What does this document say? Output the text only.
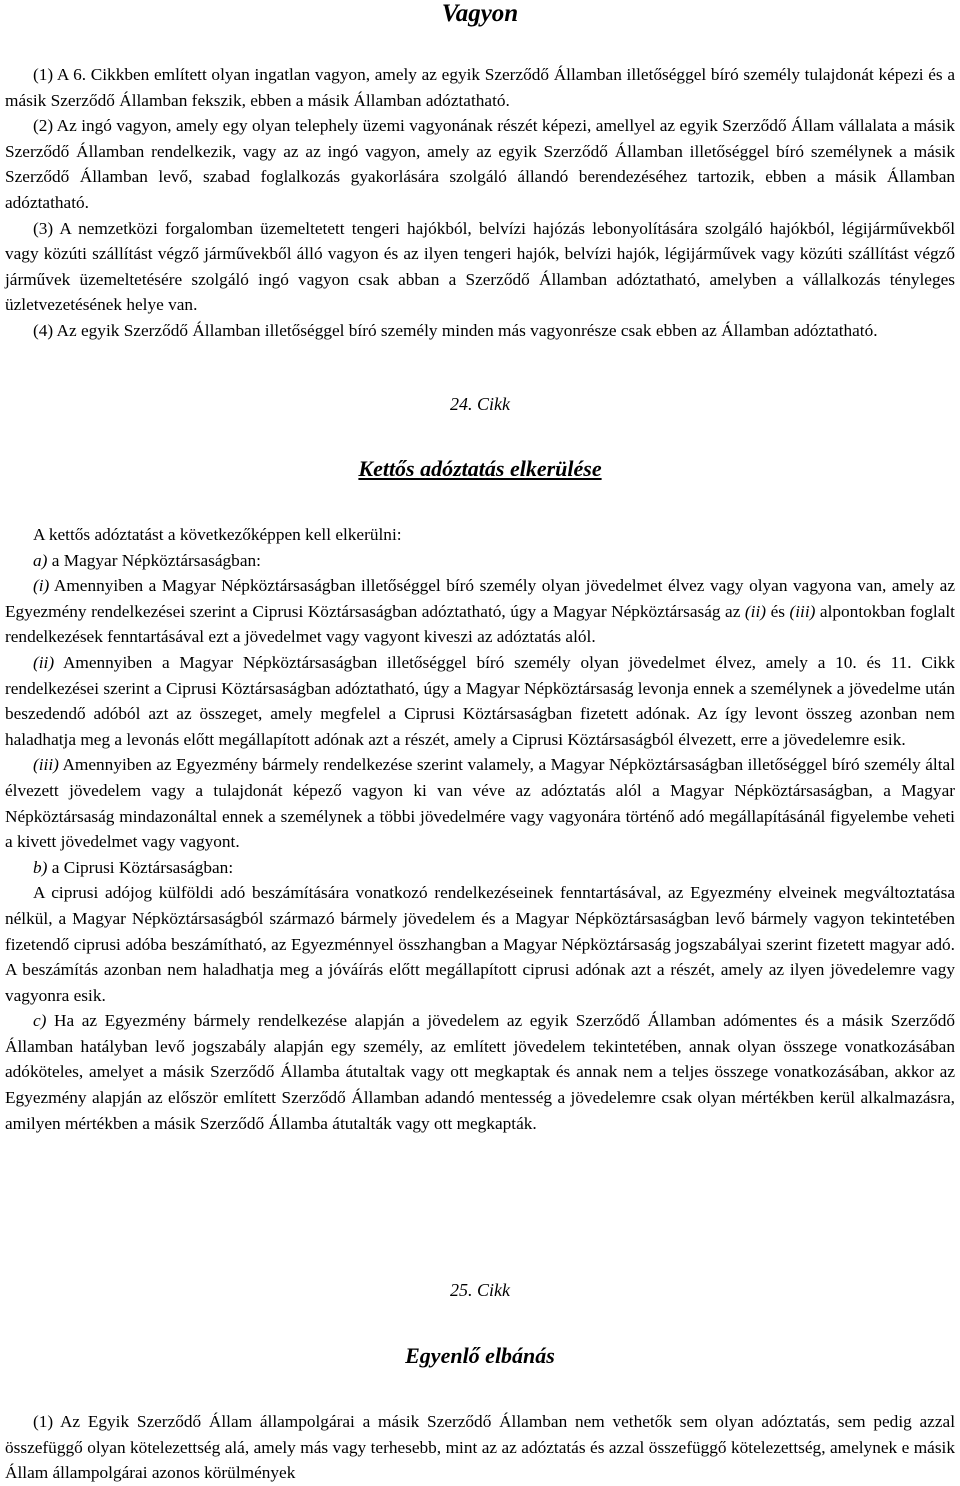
Vagyon

(1) A 6. Cikkben említett olyan ingatlan vagyon, amely az egyik Szerződő Államban illetőséggel bíró személy tulajdonát képezi és a másik Szerződő Államban fekszik, ebben a másik Államban adóztatható.

(2) Az ingó vagyon, amely egy olyan telephely üzemi vagyonának részét képezi, amellyel az egyik Szerződő Állam vállalata a másik Szerződő Államban rendelkezik, vagy az az ingó vagyon, amely az egyik Szerződő Államban illetőséggel bíró személynek a másik Szerződő Államban levő, szabad foglalkozás gyakorlására szolgáló állandó berendezéséhez tartozik, ebben a másik Államban adóztatható.

(3) A nemzetközi forgalomban üzemeltetett tengeri hajókból, belvízi hajózás lebonyolítására szolgáló hajókból, légijárművekből vagy közúti szállítást végző járművekből álló vagyon és az ilyen tengeri hajók, belvízi hajók, légijárművek vagy közúti szállítást végző járművek üzemeltetésére szolgáló ingó vagyon csak abban a Szerződő Államban adóztatható, amelyben a vállalkozás tényleges üzletvezetésének helye van.

(4) Az egyik Szerződő Államban illetőséggel bíró személy minden más vagyonrésze csak ebben az Államban adóztatható.

24. Cikk
Kettős adóztatás elkerülése

A kettős adóztatást a következőképpen kell elkerülni:

a) a Magyar Népköztársaságban:

(i) Amennyiben a Magyar Népköztársaságban illetőséggel bíró személy olyan jövedelmet élvez vagy olyan vagyona van, amely az Egyezmény rendelkezései szerint a Ciprusi Köztársaságban adóztatható, úgy a Magyar Népköztársaság az (ii) és (iii) alpontokban foglalt rendelkezések fenntartásával ezt a jövedelmet vagy vagyont kiveszi az adóztatás alól.

(ii) Amennyiben a Magyar Népköztársaságban illetőséggel bíró személy olyan jövedelmet élvez, amely a 10. és 11. Cikk rendelkezései szerint a Ciprusi Köztársaságban adóztatható, úgy a Magyar Népköztársaság levonja ennek a személynek a jövedelme után beszedendő adóból azt az összeget, amely megfelel a Ciprusi Köztársaságban fizetett adónak. Az így levont összeg azonban nem haladhatja meg a levonás előtt megállapított adónak azt a részét, amely a Ciprusi Köztársaságból élvezett, erre a jövedelemre esik.

(iii) Amennyiben az Egyezmény bármely rendelkezése szerint valamely, a Magyar Népköztársaságban illetőséggel bíró személy által élvezett jövedelem vagy a tulajdonát képező vagyon ki van véve az adóztatás alól a Magyar Népköztársaságban, a Magyar Népköztársaság mindazonáltal ennek a személynek a többi jövedelmére vagy vagyonára történő adó megállapításánál figyelembe veheti a kivett jövedelmet vagy vagyont.

b) a Ciprusi Köztársaságban:

A ciprusi adójog külföldi adó beszámítására vonatkozó rendelkezéseinek fenntartásával, az Egyezmény elveinek megváltoztatása nélkül, a Magyar Népköztársaságból származó bármely jövedelem és a Magyar Népköztársaságban levő bármely vagyon tekintetében fizetendő ciprusi adóba beszámítható, az Egyezménnyel összhangban a Magyar Népköztársaság jogszabályai szerint fizetett magyar adó. A beszámítás azonban nem haladhatja meg a jóváírás előtt megállapított ciprusi adónak azt a részét, amely az ilyen jövedelemre vagy vagyonra esik.

c) Ha az Egyezmény bármely rendelkezése alapján a jövedelem az egyik Szerződő Államban adómentes és a másik Szerződő Államban hatályban levő jogszabály alapján egy személy, az említett jövedelem tekintetében, annak olyan összege vonatkozásában adóköteles, amelyet a másik Szerződő Államba átutaltak vagy ott megkaptak és annak nem a teljes összege vonatkozásában, akkor az Egyezmény alapján az először említett Szerződő Államban adandó mentesség a jövedelemre csak olyan mértékben kerül alkalmazásra, amilyen mértékben a másik Szerződő Államba átutalták vagy ott megkapták.

25. Cikk
Egyenlő elbánás

(1) Az Egyik Szerződő Állam állampolgárai a másik Szerződő Államban nem vethetők sem olyan adóztatás, sem pedig azzal összefüggő olyan kötelezettség alá, amely más vagy terhesebb, mint az az adóztatás és azzal összefüggő kötelezettség, amelynek e másik Állam állampolgárai azonos körülmények
